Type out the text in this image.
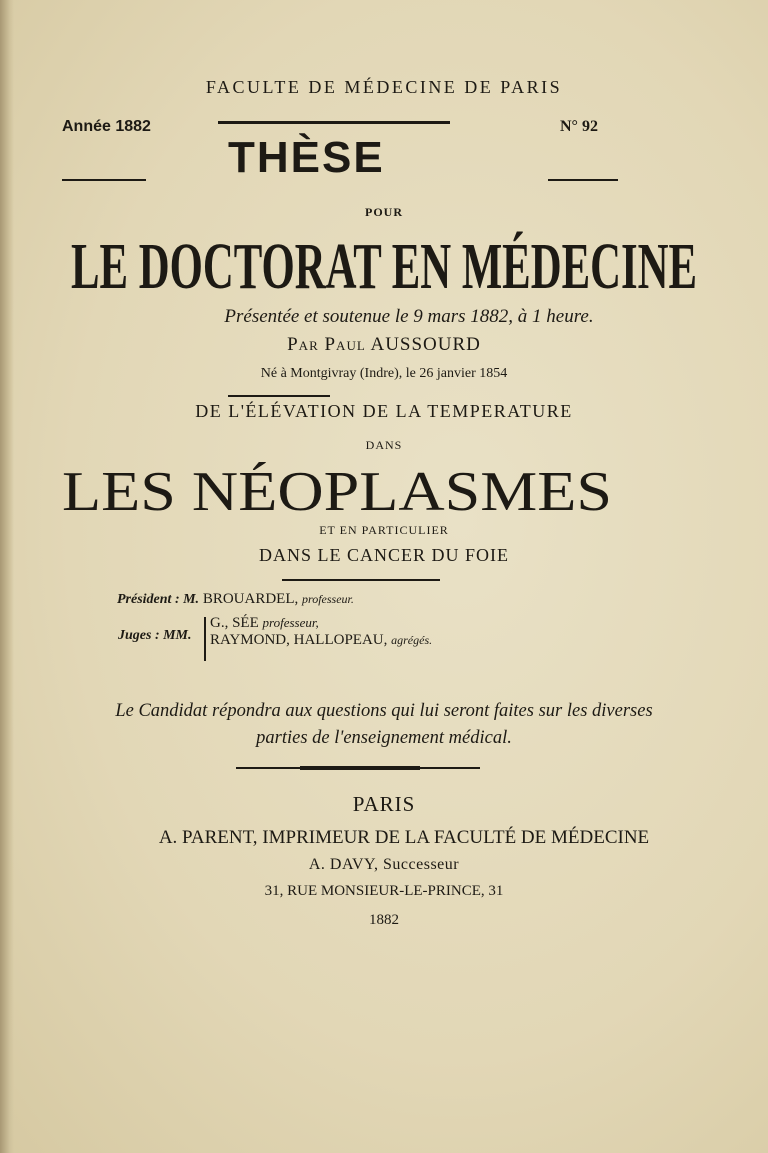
FACULTE DE MÉDECINE DE PARIS
Année 1882
THÈSE
N° 92
POUR
LE DOCTORAT EN MÉDECINE
Présentée et soutenue le 9 mars 1882, à 1 heure.
Par Paul AUSSOURD
Né à Montgivray (Indre), le 26 janvier 1854
DE L'ÉLÉVATION DE LA TEMPERATURE
DANS
LES NÉOPLASMES
ET EN PARTICULIER
DANS LE CANCER DU FOIE
Président : M. BROUARDEL, professeur.
Juges : MM.
G., SÉE professeur,
RAYMOND, HALLOPEAU, agrégés.
Le Candidat répondra aux questions qui lui seront faites sur les diverses
parties de l'enseignement médical.
PARIS
A. PARENT, IMPRIMEUR DE LA FACULTÉ DE MÉDECINE
A. DAVY, Successeur
31, RUE MONSIEUR-LE-PRINCE, 31
1882
